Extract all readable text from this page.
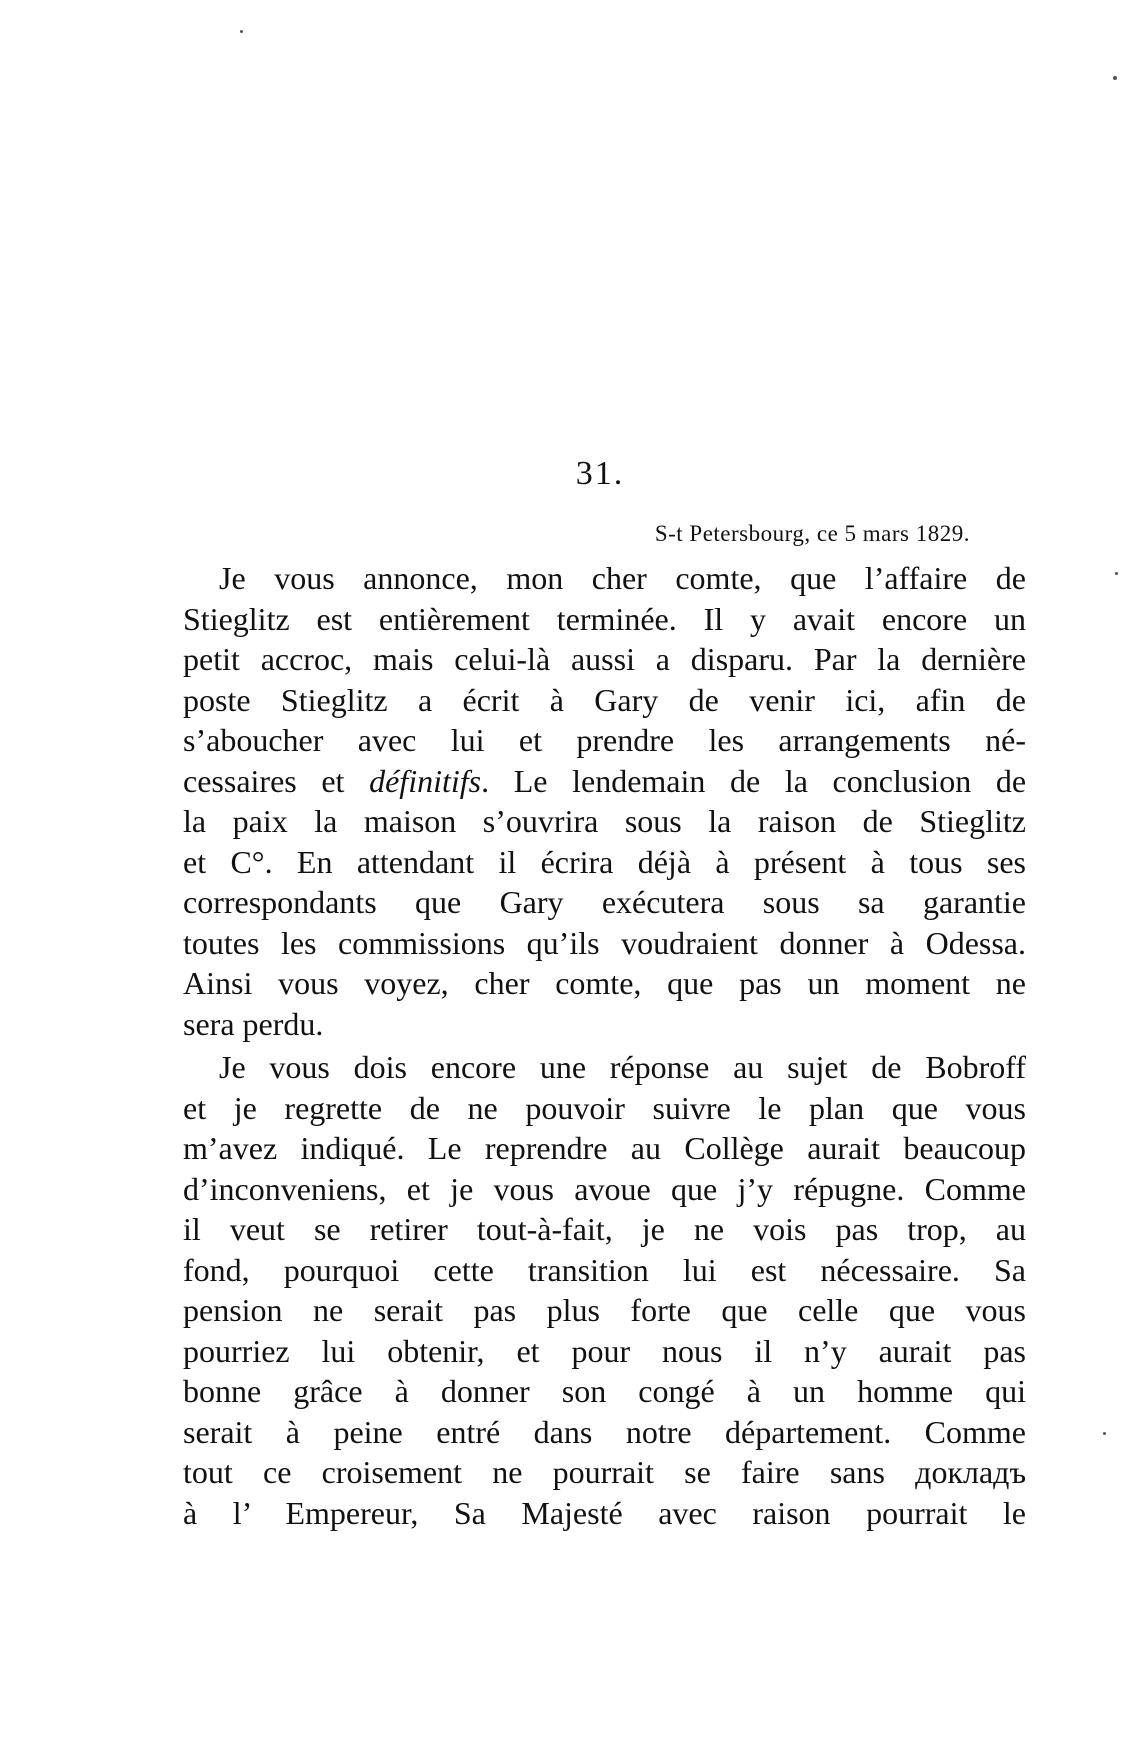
31.
S-t Petersbourg, ce 5 mars 1829.
Je vous annonce, mon cher comte, que l’affaire de
Stieglitz est entièrement terminée. Il y avait encore un
petit accroc, mais celui-là aussi a disparu. Par la dernière
poste Stieglitz a écrit à Gary de venir ici, afin de
s’aboucher avec lui et prendre les arrangements né-
cessaires et définitifs. Le lendemain de la conclusion de
la paix la maison s’ouvrira sous la raison de Stieglitz
et C°. En attendant il écrira déjà à présent à tous ses
correspondants que Gary exécutera sous sa garantie
toutes les commissions qu’ils voudraient donner à Odessa.
Ainsi vous voyez, cher comte, que pas un moment ne
sera perdu.
Je vous dois encore une réponse au sujet de Bobroff
et je regrette de ne pouvoir suivre le plan que vous
m’avez indiqué. Le reprendre au Collège aurait beaucoup
d’inconveniens, et je vous avoue que j’y répugne. Comme
il veut se retirer tout-à-fait, je ne vois pas trop, au
fond, pourquoi cette transition lui est nécessaire. Sa
pension ne serait pas plus forte que celle que vous
pourriez lui obtenir, et pour nous il n’y aurait pas
bonne grâce à donner son congé à un homme qui
serait à peine entré dans notre département. Comme
tout ce croisement ne pourrait se faire sans докладъ
à l’ Empereur, Sa Majesté avec raison pourrait le
